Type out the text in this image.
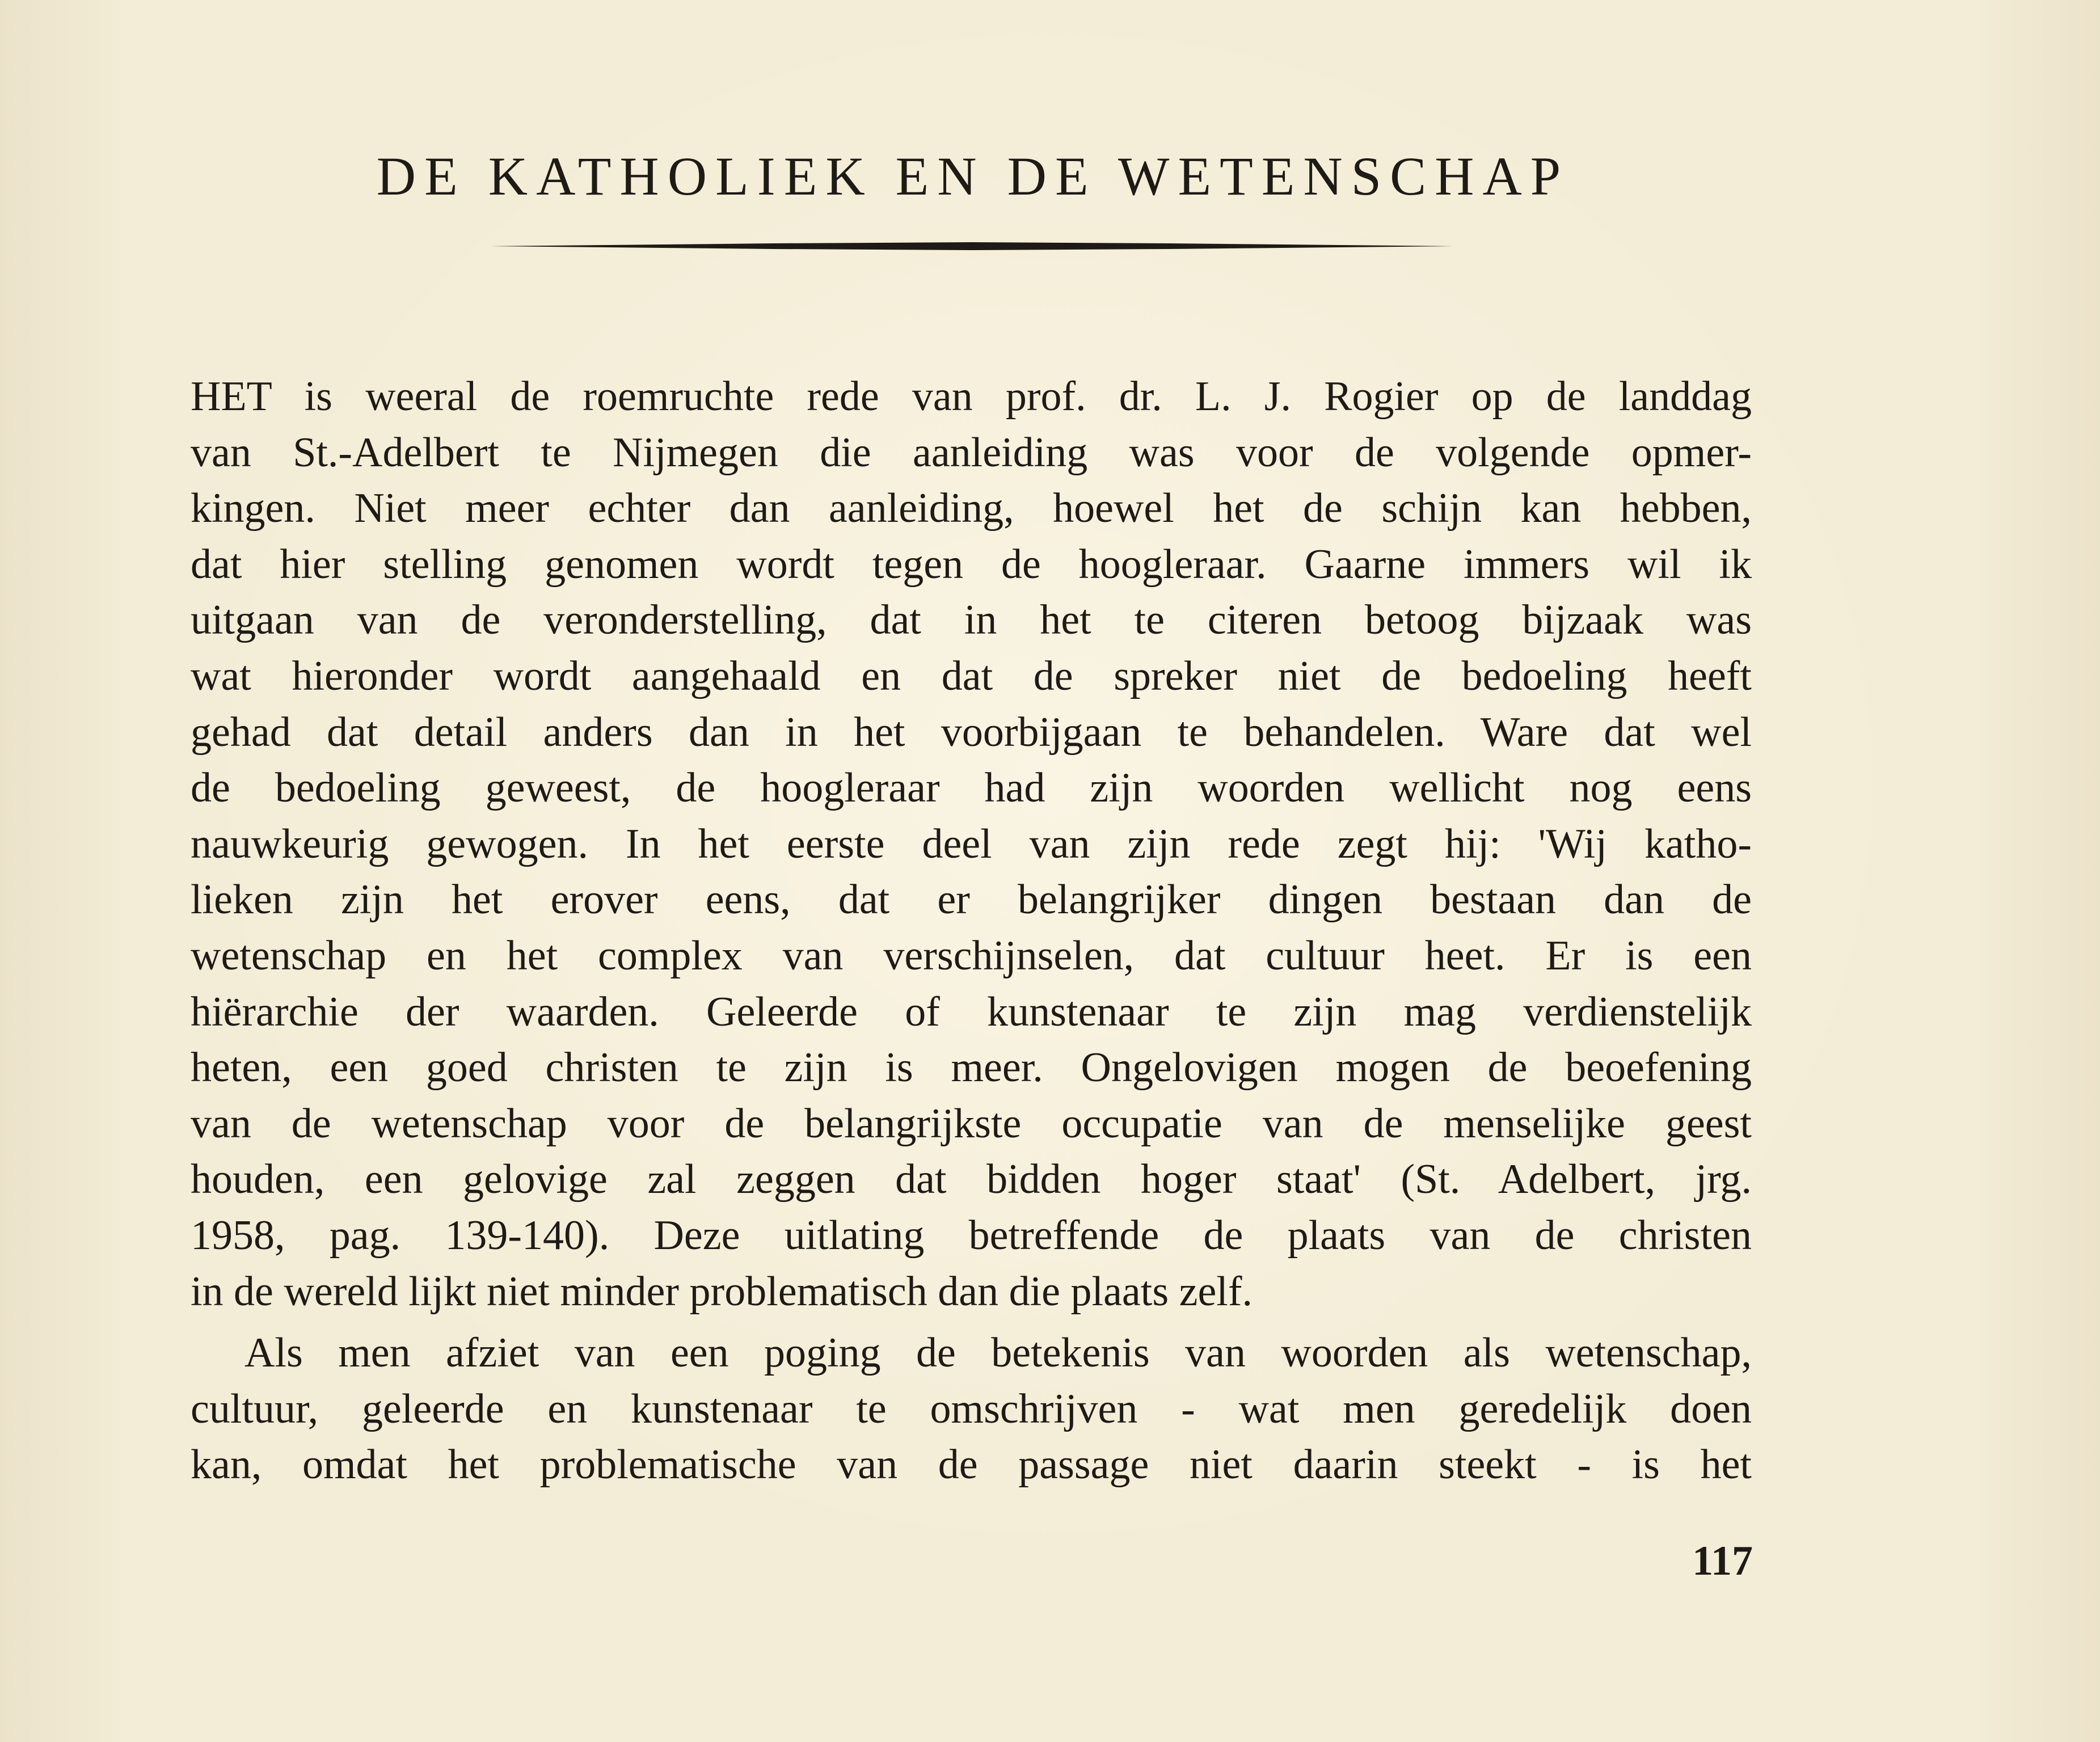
DE KATHOLIEK EN DE WETENSCHAP

HET is weeral de roemruchte rede van prof. dr. L. J. Rogier op de landdag
van St.-Adelbert te Nijmegen die aanleiding was voor de volgende opmer-
kingen. Niet meer echter dan aanleiding, hoewel het de schijn kan hebben,
dat hier stelling genomen wordt tegen de hoogleraar. Gaarne immers wil ik
uitgaan van de veronderstelling, dat in het te citeren betoog bijzaak was
wat hieronder wordt aangehaald en dat de spreker niet de bedoeling heeft
gehad dat detail anders dan in het voorbijgaan te behandelen. Ware dat wel
de bedoeling geweest, de hoogleraar had zijn woorden wellicht nog eens
nauwkeurig gewogen. In het eerste deel van zijn rede zegt hij: 'Wij katho-
lieken zijn het erover eens, dat er belangrijker dingen bestaan dan de
wetenschap en het complex van verschijnselen, dat cultuur heet. Er is een
hiërarchie der waarden. Geleerde of kunstenaar te zijn mag verdienstelijk
heten, een goed christen te zijn is meer. Ongelovigen mogen de beoefening
van de wetenschap voor de belangrijkste occupatie van de menselijke geest
houden, een gelovige zal zeggen dat bidden hoger staat' (St. Adelbert, jrg.
1958, pag. 139-140). Deze uitlating betreffende de plaats van de christen
in de wereld lijkt niet minder problematisch dan die plaats zelf.

Als men afziet van een poging de betekenis van woorden als wetenschap,
cultuur, geleerde en kunstenaar te omschrijven - wat men geredelijk doen
kan, omdat het problematische van de passage niet daarin steekt - is het

117
